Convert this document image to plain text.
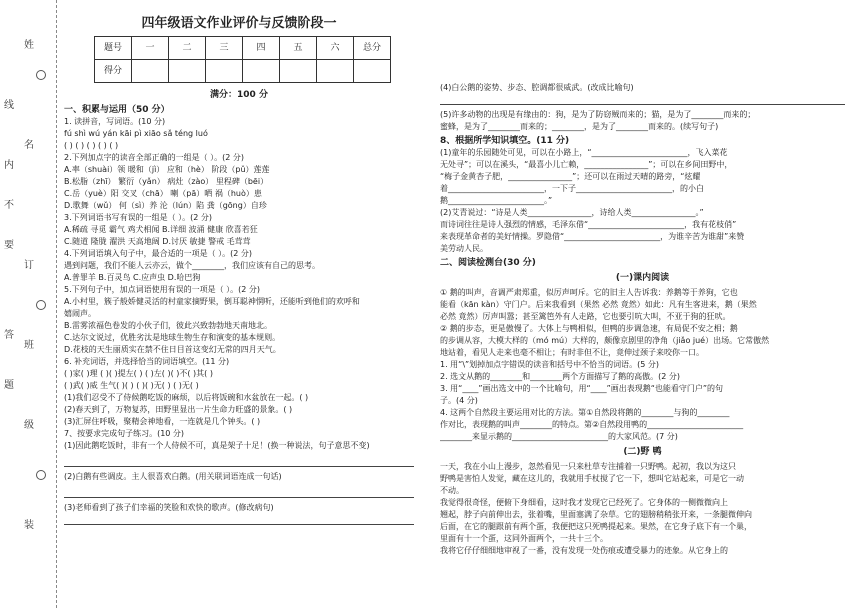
线
内
不
要
答
题
姓
名
订
班
级
装
四年级语文作业评价与反馈阶段一
题号	一	二	三	四	五	六	总分
得分							
满分：100 分
一、积累与运用（50 分）
1. 读拼音，写词语。(10 分)
fú shì wú yán kāi pì xiāo sǎ téng luó
( ) ( ) ( ) ( ) ( )
2.下列加点字的读音全部正确的一组是（ ）。(2 分)
A.率（shuài）领 暖和（jì） 应和（hè） 阶段（pǔ）莲莲
B.松脂（zhī） 繁衍（yǎn） 病灶（zào） 里程碑（bēi）
C.岳（yuè）阳 交叉（chā） 喇（pā）哂 祸（huò）患
D.歌舞（wǔ） 何（sì）养 沦（lún）陷 龚（gōng）自珍
3.下列词语书写有误的一组是（ ）。(2 分)
A.稀疏 寻觅 霸气 鸡犬相闻 B.详细 波涌 健康 欣喜若狂
C.随道 隆胧 濯洪 天高地阔 D.讨厌 敏捷 警戒 毛茸茸
4.下列词语填入句子中，最合适的一项是（ ）。(2 分)
遇到问题，我们不能人云亦云，做个________，我们应该有自己的思考。
A.普罪羊 B.百灵鸟 C.应声虫 D.哈巴狗
5.下列句子中，加点词语使用有误的一项是（ ）。(2 分)
A.小村里，簇子般娇健灵活的村童家摘野果，倒耳聪神惘听，还能听到他们的欢呼和
嬉闹声。
B.雷雾浓福色卷发的小伙子们，彼此兴致勃勃地天南地北。
C.达尔文说过，优胜劣汰是地球生物生存和演变的基本规则。
D.花枝的天生丽质实在禁不住日目首这变幻无常的四月天气。
6. 补充词语，并选择恰当的词语填空。(11 分)
( )家( )理 ( )( )提左( ) ( )左( )( )不( )其( )
( )武( )威 生气( )( ) ( )( )无( ) ( )无( )
(1)我们忍受不了侍候鹅吃饭的麻烦，以后将饭碗和水盆放在一起。( )
(2)春天到了，万物复苏，田野里显出一片生命力旺盛的景象。( )
(3)汇屏住呼吸，聚精会神地看，一连就是几个钟头。( )
7、按要求完成句子练习。(10 分)
(1)因此鹅吃饭时，非有一个人侍候不可，真是架子十足！(换一种说法，句子意思不变)
(2)白鹅有些调皮。主人很喜欢白鹅。(用关联词语连成一句话)
(3)老师看到了孩子们幸福的笑脸和欢快的歌声。(修改病句)
(4)白公鹅的姿势、步态、腔调都很威武。(改成比喻句)
(5)许多动物的出现是有缘由的：狗，是为了防窃贼而来的；猫，是为了________而来的；
蜜蜂，是为了________而来的；________，是为了________而来的。(续写句子)
8、根据所学知识填空。(11 分)
(1)童年的乐园随处可见，可以在小路上，“________________________，飞入菜花
无处寻”；可以在溪头，“最喜小儿亡赖，________________”；可以在乡间田野中，
“梅子金黄杏子肥，________________”；还可以在雨过天晴的路旁，“炫耀
着________________________，一下子________________________，的小白
鹅________________________。”
(2)艾青说过：“诗是人类________________，诗给人类________________。”
而诗词往往是诗人强烈的情感，毛泽东借“________________________，我有花枝俏”
来表现革命者的美好情操。罗隐借“________________________，为谁辛苦为谁甜”来赞
美劳动人民。
二、阅读检测台(30 分)
(一)课内阅读
① 鹅的叫声，音调严肃郑重，似厉声呵斥。它的旧主人告诉我：养鹅等于养狗，它也
能看（kān kàn）守门户。后来我看到（果然 必然 竟然）如此：凡有生客进来，鹅（果然
必然 竟然）厉声叫嚣；甚至篱笆外有人走路，它也要引吭大叫，不亚于狗的狂吠。
② 鹅的步态，更是傲慢了。大体上与鸭相似，但鸭的步调急速，有局促不安之相；鹅
的步调从容，大模大样的（mó mú）大样的，颇像京剧里的净角（jiǎo jué）出场。它常傲然
地站着，看见人走来也毫不相让；有时非但不让，竟伸过颈子来咬你一口。
1. 用“\”划掉加点字错误的读音和括号中不恰当的词语。(5 分)
2. 选文从鹅的________和________两个方面描写了鹅的高傲。(2 分)
3. 用“____”画出选文中的一个比喻句，用“____”画出表现鹅“也能看守门户”的句
子。(4 分)
4. 这两个自然段主要运用对比的方法。第①自然段将鹅的________与狗的________
作对比，表现鹅的叫声________的特点。第②自然段用鸭的________________________
________来显示鹅的________________________的大家风范。(7 分)
(二)野 鸭
一天，我在小山上漫步，忽然看见一只来杜草专注捕着一只野鸭。起初，我以为这只
野鸭是害怕人发觉，藏在这儿的，我就用手杖搅了它一下，想叫它站起来，可是它一动
不动。
我觉得很奇怪，便俯下身细看，这时我才发现它已经死了。它身体的一侧微微向上
翘起，脖子向前伸出去，张着嘴，里面塞满了杂草。它的翅膀稍稍张开来，一条腿微伸向
后面，在它的腿跟前有两个蛋，我便把这只死鸭提起来。果然，在它身子底下有一个巢，
里面有十一个蛋，这同外面两个，一共十三个。
我将它仔仔细细地审视了一番，没有发现一处伤痕或遭受暴力的迹象。从它身上的
